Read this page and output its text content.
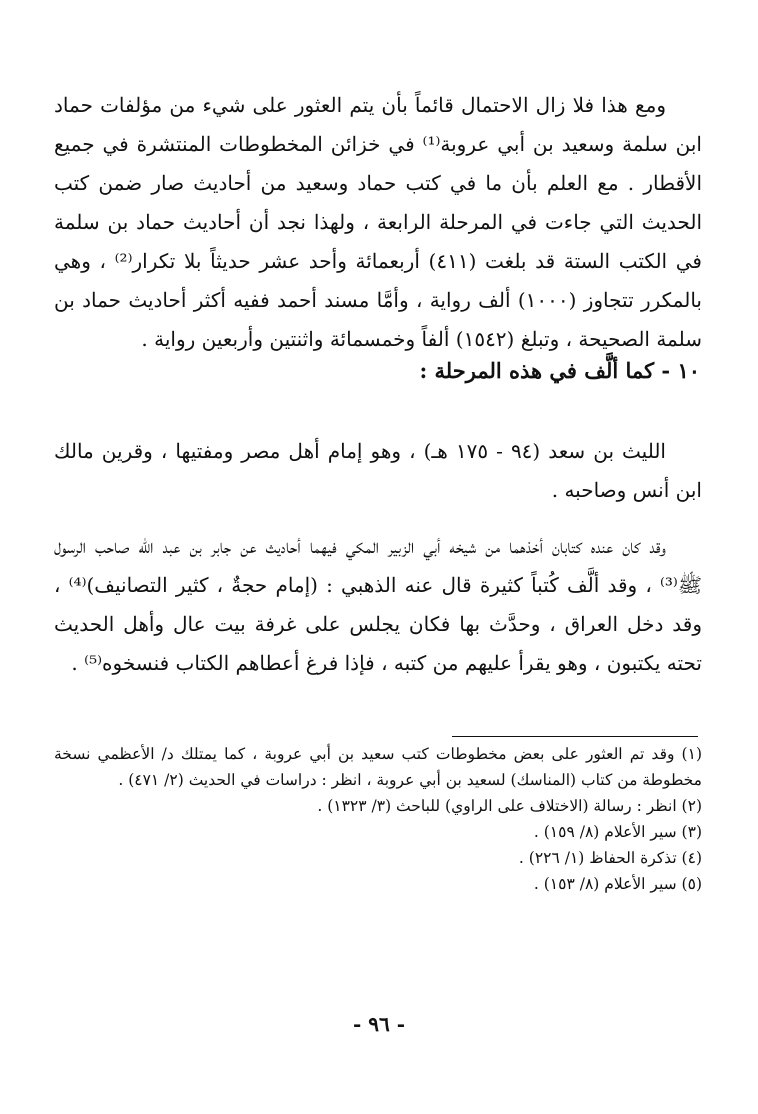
ومع هذا فلا زال الاحتمال قائماً بأن يتم العثور على شيء من مؤلفات حماد ابن سلمة وسعيد بن أبي عروبة⁽¹⁾ في خزائن المخطوطات المنتشرة في جميع الأقطار . مع العلم بأن ما في كتب حماد وسعيد من أحاديث صار ضمن كتب الحديث التي جاءت في المرحلة الرابعة ، ولهذا نجد أن أحاديث حماد بن سلمة في الكتب الستة قد بلغت (٤١١) أربعمائة وأحد عشر حديثاً بلا تكرار⁽²⁾ ، وهي بالمكرر تتجاوز (١٠٠٠) ألف رواية ، وأمَّا مسند أحمد ففيه أكثر أحاديث حماد بن سلمة الصحيحة ، وتبلغ (١٥٤٢) ألفاً وخمسمائة واثنتين وأربعين رواية .
١٠ - كما ألَّف في هذه المرحلة :
الليث بن سعد (٩٤ - ١٧٥ هـ) ، وهو إمام أهل مصر ومفتيها ، وقرين مالك ابن أنس وصاحبه .
وقد كان عنده كتابان أخذهما من شيخه أبي الزبير المكي فيهما أحاديث عن جابر بن عبد الله صاحب الرسول ﷺ⁽³⁾ ، وقد ألَّف كُتباً كثيرة قال عنه الذهبي : (إمام حجةٌ ، كثير التصانيف)⁽⁴⁾ ، وقد دخل العراق ، وحدَّث بها فكان يجلس على غرفة بيت عال وأهل الحديث تحته يكتبون ، وهو يقرأ عليهم من كتبه ، فإذا فرغ أعطاهم الكتاب فنسخوه⁽⁵⁾ .

(١) وقد تم العثور على بعض مخطوطات كتب سعيد بن أبي عروبة ، كما يمتلك د/ الأعظمي نسخة مخطوطة من كتاب (المناسك) لسعيد بن أبي عروبة ، انظر : دراسات في الحديث (٢/ ٤٧١) .

(٢) انظر : رسالة (الاختلاف على الراوي) للباحث (٣/ ١٣٢٣) .

(٣) سير الأعلام (٨/ ١٥٩) .

(٤) تذكرة الحفاظ (١/ ٢٢٦) .

(٥) سير الأعلام (٨/ ١٥٣) .

- ٩٦ -
